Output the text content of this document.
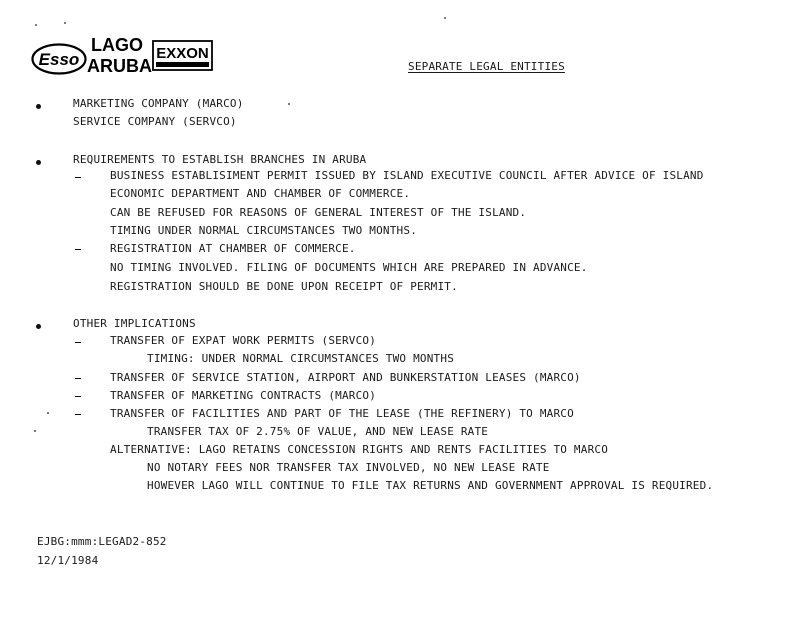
Esso
LAGO
ARUBA
EXXON
SEPARATE LEGAL ENTITIES
MARKETING COMPANY (MARCO)
SERVICE COMPANY (SERVCO)
REQUIREMENTS TO ESTABLISH BRANCHES IN ARUBA
BUSINESS ESTABLISIMENT PERMIT ISSUED BY ISLAND EXECUTIVE COUNCIL AFTER ADVICE OF ISLAND
ECONOMIC DEPARTMENT AND CHAMBER OF COMMERCE.
CAN BE REFUSED FOR REASONS OF GENERAL INTEREST OF THE ISLAND.
TIMING UNDER NORMAL CIRCUMSTANCES TWO MONTHS.
REGISTRATION AT CHAMBER OF COMMERCE.
NO TIMING INVOLVED. FILING OF DOCUMENTS WHICH ARE PREPARED IN ADVANCE.
REGISTRATION SHOULD BE DONE UPON RECEIPT OF PERMIT.
OTHER IMPLICATIONS
TRANSFER OF EXPAT WORK PERMITS (SERVCO)
TIMING: UNDER NORMAL CIRCUMSTANCES TWO MONTHS
TRANSFER OF SERVICE STATION, AIRPORT AND BUNKERSTATION LEASES (MARCO)
TRANSFER OF MARKETING CONTRACTS (MARCO)
TRANSFER OF FACILITIES AND PART OF THE LEASE (THE REFINERY) TO MARCO
TRANSFER TAX OF 2.75% OF VALUE, AND NEW LEASE RATE
ALTERNATIVE: LAGO RETAINS CONCESSION RIGHTS AND RENTS FACILITIES TO MARCO
NO NOTARY FEES NOR TRANSFER TAX INVOLVED, NO NEW LEASE RATE
HOWEVER LAGO WILL CONTINUE TO FILE TAX RETURNS AND GOVERNMENT APPROVAL IS REQUIRED.
EJBG:mmm:LEGAD2-852
12/1/1984
